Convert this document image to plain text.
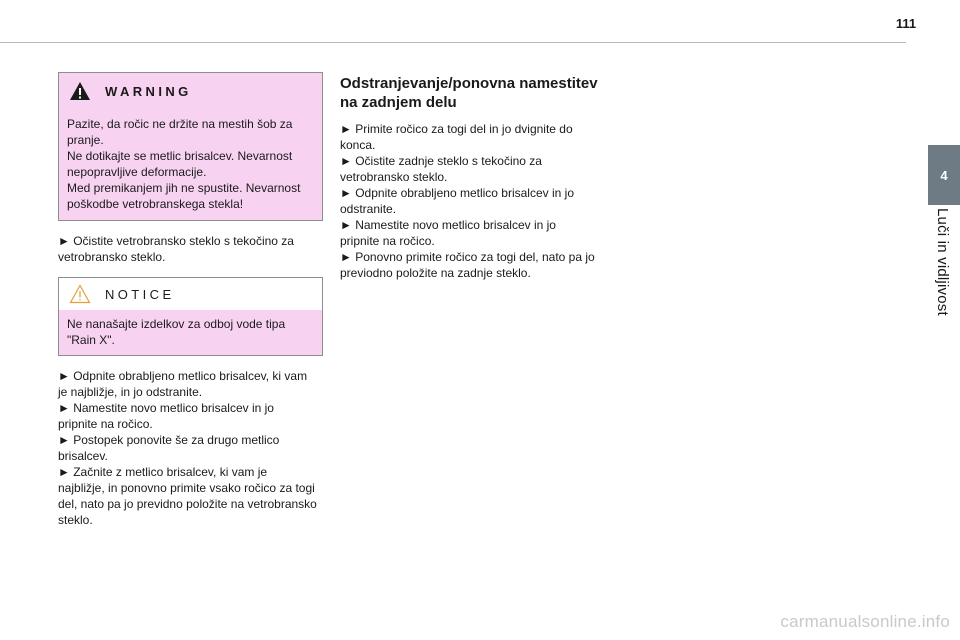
111
4
Luči in vidljivost
WARNING
Pazite, da ročic ne držite na mestih šob za
pranje.
Ne dotikajte se metlic brisalcev. Nevarnost
nepopravljive deformacije.
Med premikanjem jih ne spustite. Nevarnost
poškodbe vetrobranskega stekla!
► Očistite vetrobransko steklo s tekočino za
vetrobransko steklo.
NOTICE
Ne nanašajte izdelkov za odboj vode tipa
"Rain X".
► Odpnite obrabljeno metlico brisalcev, ki vam
je najbližje, in jo odstranite.
► Namestite novo metlico brisalcev in jo
pripnite na ročico.
► Postopek ponovite še za drugo metlico
brisalcev.
► Začnite z metlico brisalcev, ki vam je
najbližje, in ponovno primite vsako ročico za togi
del, nato pa jo previdno položite na vetrobransko
steklo.
Odstranjevanje/ponovna namestitev
na zadnjem delu
► Primite ročico za togi del in jo dvignite do
konca.
► Očistite zadnje steklo s tekočino za
vetrobransko steklo.
► Odpnite obrabljeno metlico brisalcev in jo
odstranite.
► Namestite novo metlico brisalcev in jo
pripnite na ročico.
► Ponovno primite ročico za togi del, nato pa jo
previodno položite na zadnje steklo.
carmanualsonline.info
